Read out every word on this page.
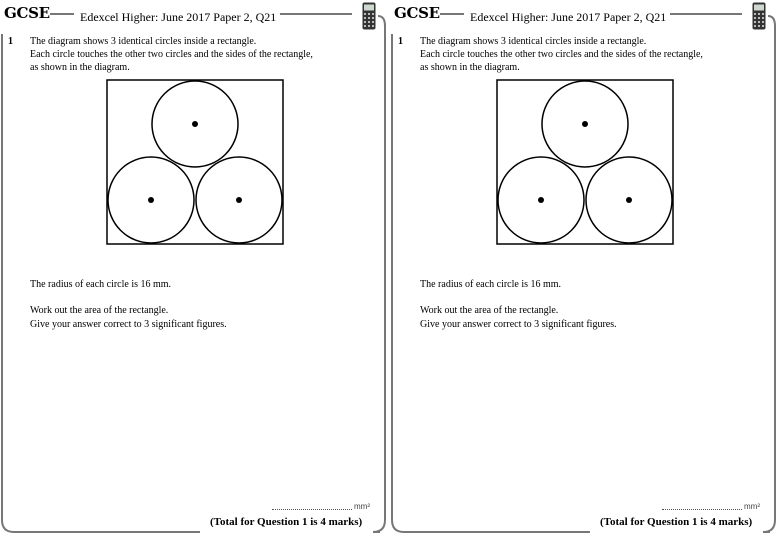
GCSE	Edexcel Higher: June 2017 Paper 2, Q21
1 The diagram shows 3 identical circles inside a rectangle.
Each circle touches the other two circles and the sides of the rectangle,
as shown in the diagram.
The radius of each circle is 16 mm.
Work out the area of the rectangle.
Give your answer correct to 3 significant figures.
mm²
(Total for Question 1 is 4 marks)
GCSE	Edexcel Higher: June 2017 Paper 2, Q21
1 The diagram shows 3 identical circles inside a rectangle.
Each circle touches the other two circles and the sides of the rectangle,
as shown in the diagram.
The radius of each circle is 16 mm.
Work out the area of the rectangle.
Give your answer correct to 3 significant figures.
mm²
(Total for Question 1 is 4 marks)
